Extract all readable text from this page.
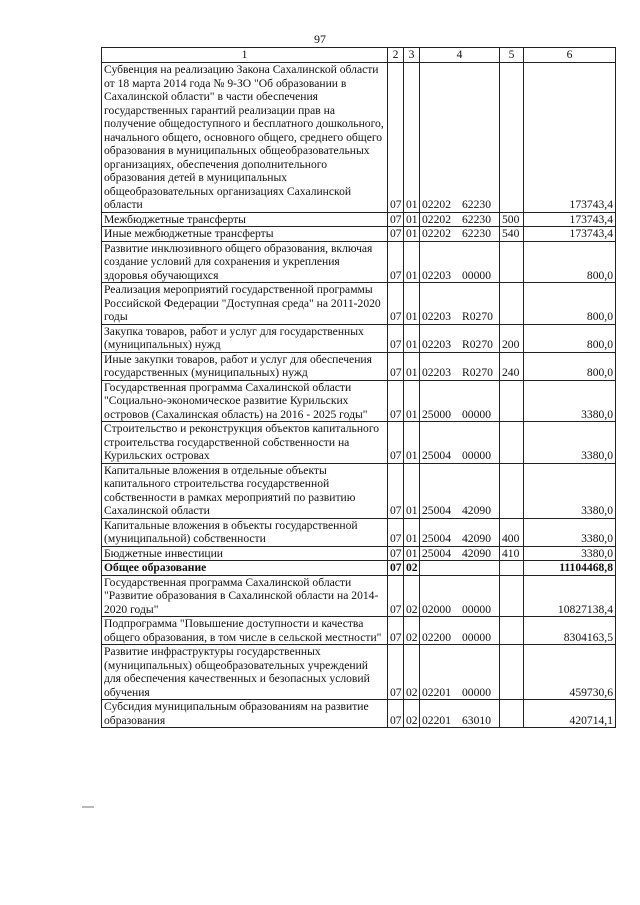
97
1	2	3	4	5	6
Субвенция на реализацию Закона Сахалинской области от 18 марта 2014 года № 9-ЗО "Об образовании в Сахалинской области" в части обеспечения государственных гарантий реализации прав на получение общедоступного и бесплатного дошкольного, начального общего, основного общего, среднего общего образования в муниципальных общеобразовательных организациях, обеспечения дополнительного образования детей в муниципальных общеобразовательных организациях Сахалинской области	07	01	02202 62230		173743,4
Межбюджетные трансферты	07	01	02202 62230	500	173743,4
Иные межбюджетные трансферты	07	01	02202 62230	540	173743,4
Развитие инклюзивного общего образования, включая создание условий для сохранения и укрепления здоровья обучающихся	07	01	02203 00000		800,0
Реализация мероприятий государственной программы Российской Федерации "Доступная среда" на 2011-2020 годы	07	01	02203 R0270		800,0
Закупка товаров, работ и услуг для государственных (муниципальных) нужд	07	01	02203 R0270	200	800,0
Иные закупки товаров, работ и услуг для обеспечения государственных (муниципальных) нужд	07	01	02203 R0270	240	800,0
Государственная программа Сахалинской области "Социально-экономическое развитие Курильских островов (Сахалинская область) на 2016 - 2025 годы"	07	01	25000 00000		3380,0
Строительство и реконструкция объектов капитального строительства государственной собственности на Курильских островах	07	01	25004 00000		3380,0
Капитальные вложения в отдельные объекты капитального строительства государственной собственности в рамках мероприятий по развитию Сахалинской области	07	01	25004 42090		3380,0
Капитальные вложения в объекты государственной (муниципальной) собственности	07	01	25004 42090	400	3380,0
Бюджетные инвестиции	07	01	25004 42090	410	3380,0
Общее образование	07	02			11104468,8
Государственная программа Сахалинской области "Развитие образования в Сахалинской области на 2014-2020 годы"	07	02	02000 00000		10827138,4
Подпрограмма "Повышение доступности и качества общего образования, в том числе в сельской местности"	07	02	02200 00000		8304163,5
Развитие инфраструктуры государственных (муниципальных) общеобразовательных учреждений для обеспечения качественных и безопасных условий обучения	07	02	02201 00000		459730,6
Субсидия муниципальным образованиям на развитие образования	07	02	02201 63010		420714,1
